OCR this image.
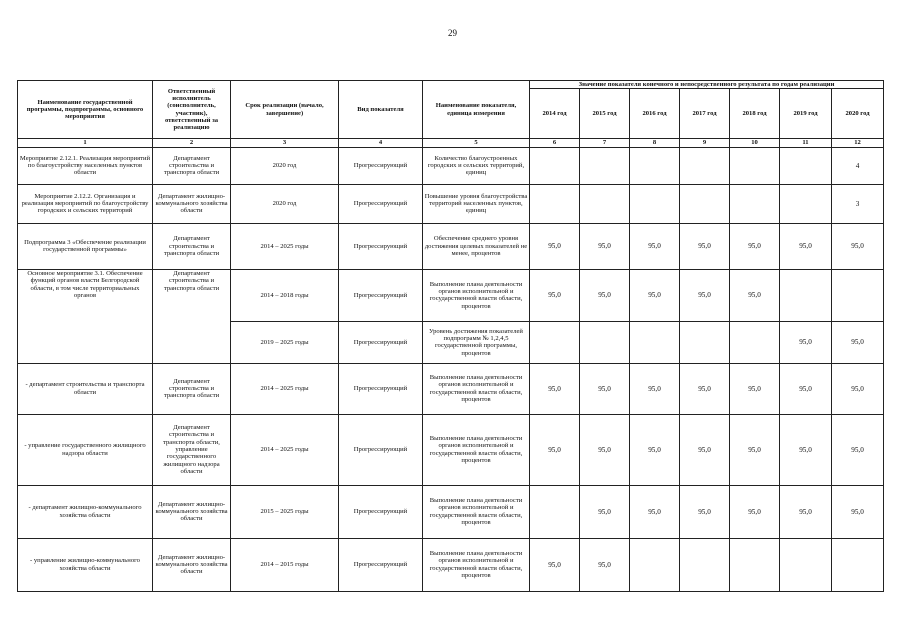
29
Наименование государственной программы, подпрограммы, основного мероприятия	Ответственный исполнитель (соисполнитель, участник), ответственный за реализацию	Срок реализации (начало, завершение)	Вид показателя	Наименование показателя, единица измерения	Значение показателя конечного и непосредственного результата по годам реализации						
					2014 год	2015 год	2016 год	2017 год	2018 год	2019 год	2020 год
1	2	3	4	5	6	7	8	9	10	11	12
Мероприятие 2.12.1. Реализация мероприятий по благоустройству населенных пунктов области	Департамент строительства и транспорта области	2020 год	Прогрессирующий	Количество благоустроенных городских и сельских территорий, единиц							4
Мероприятие 2.12.2. Организация и реализация мероприятий по благоустройству городских и сельских территорий	Департамент жилищно-коммунального хозяйства области	2020 год	Прогрессирующий	Повышение уровня благоустройства территорий населенных пунктов, единиц							3
Подпрограмма 3 «Обеспечение реализации государственной программы»	Департамент строительства и транспорта области	2014 – 2025 годы	Прогрессирующий	Обеспечение среднего уровня достижения целевых показателей не менее, процентов	95,0	95,0	95,0	95,0	95,0	95,0	95,0
Основное мероприятие 3.1. Обеспечение функций органов власти Белгородской области, в том числе территориальных органов	Департамент строительства и транспорта области	2014 – 2018 годы	Прогрессирующий	Выполнение плана деятельности органов исполнительной и государственной власти области, процентов	95,0	95,0	95,0	95,0	95,0		
		2019 – 2025 годы	Прогрессирующий	Уровень достижения показателей подпрограмм № 1,2,4,5 государственной программы, процентов						95,0	95,0
- департамент строительства и транспорта области	Департамент строительства и транспорта области	2014 – 2025 годы	Прогрессирующий	Выполнение плана деятельности органов исполнительной и государственной власти области, процентов	95,0	95,0	95,0	95,0	95,0	95,0	95,0
- управление государственного жилищного надзора области	Департамент строительства и транспорта области, управление государственного жилищного надзора области	2014 – 2025 годы	Прогрессирующий	Выполнение плана деятельности органов исполнительной и государственной власти области, процентов	95,0	95,0	95,0	95,0	95,0	95,0	95,0
- департамент жилищно-коммунального хозяйства области	Департамент жилищно-коммунального хозяйства области	2015 – 2025 годы	Прогрессирующий	Выполнение плана деятельности органов исполнительной и государственной власти области, процентов		95,0	95,0	95,0	95,0	95,0	95,0
- управление жилищно-коммунального хозяйства области	Департамент жилищно-коммунального хозяйства области	2014 – 2015 годы	Прогрессирующий	Выполнение плана деятельности органов исполнительной и государственной власти области, процентов	95,0	95,0					
